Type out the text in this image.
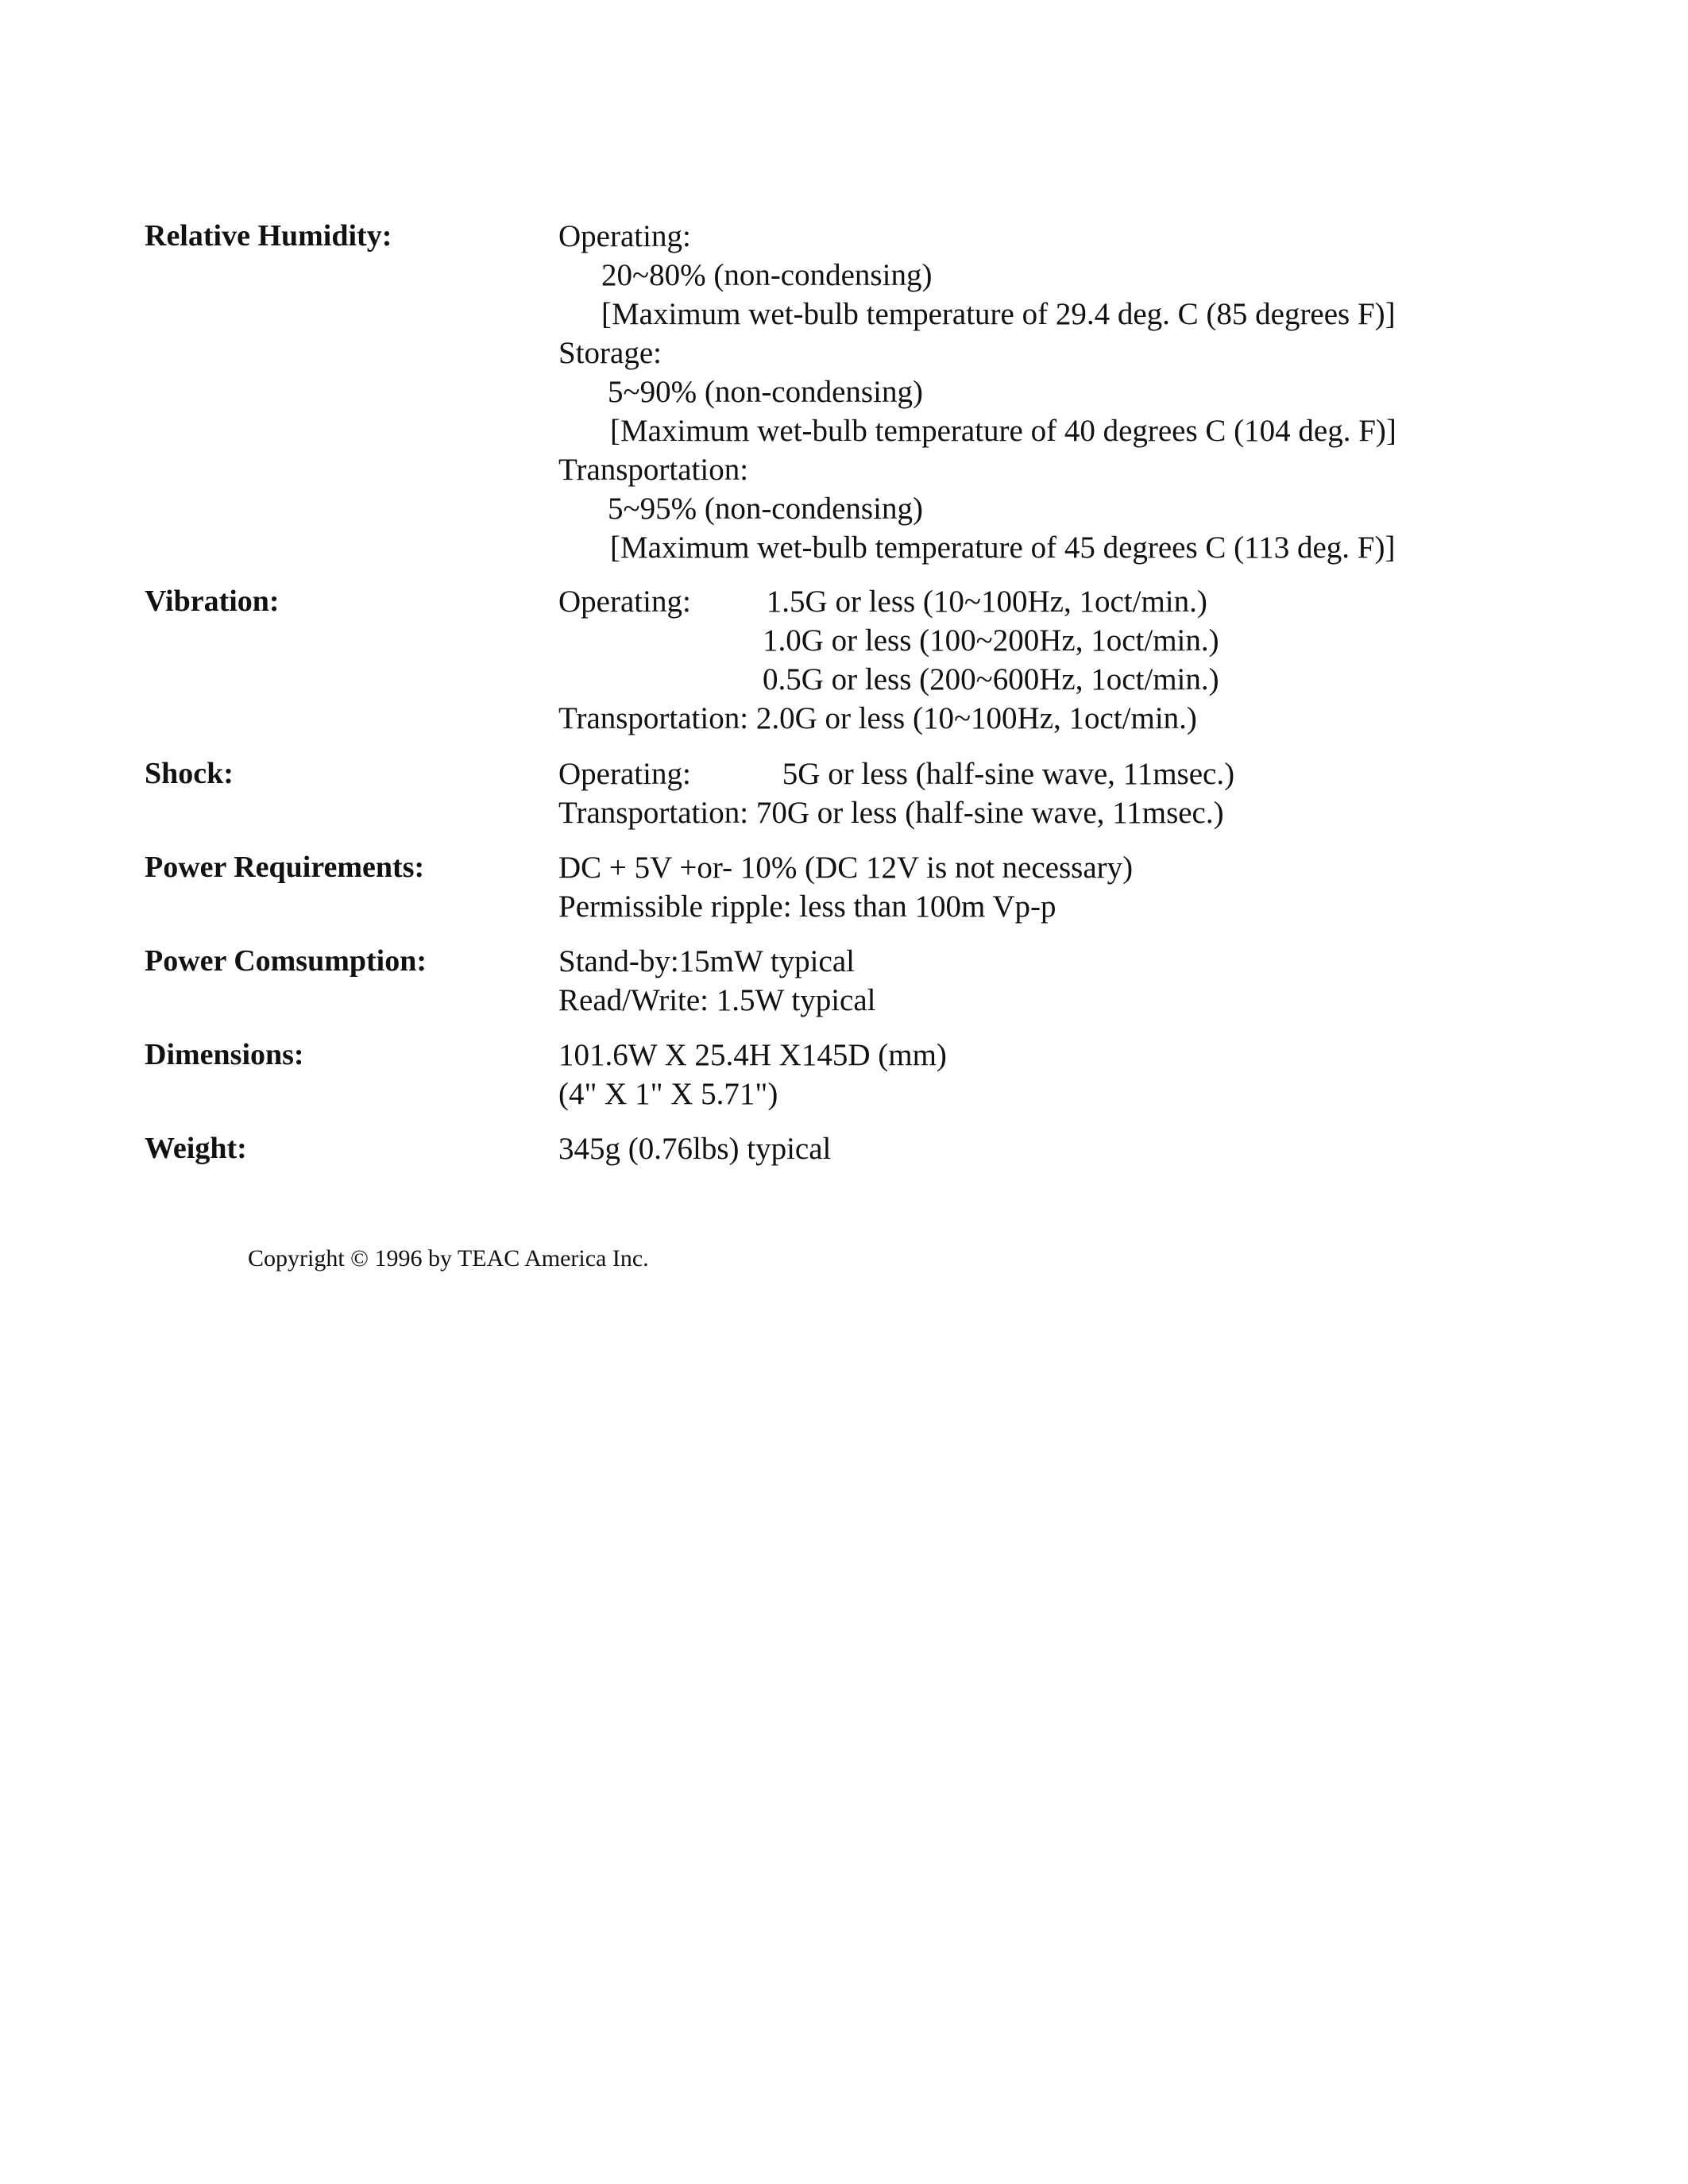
Relative Humidity:	Operating:
20~80% (non-condensing)
[Maximum wet-bulb temperature of 29.4 deg. C (85 degrees F)]
Storage:
5~90% (non-condensing)
[Maximum wet-bulb temperature of 40 degrees C (104 deg. F)]
Transportation:
5~95% (non-condensing)
[Maximum wet-bulb temperature of 45 degrees C (113 deg. F)]
Vibration:	Operating: 1.5G or less (10~100Hz, 1oct/min.)
1.0G or less (100~200Hz, 1oct/min.)
0.5G or less (200~600Hz, 1oct/min.)
Transportation: 2.0G or less (10~100Hz, 1oct/min.)
Shock:	Operating:	5G or less (half-sine wave, 11msec.)
Transportation: 70G or less (half-sine wave, 11msec.)
Power Requirements:	DC + 5V +or- 10% (DC 12V is not necessary)
Permissible ripple: less than 100m Vp-p
Power Comsumption:	Stand-by:15mW typical
Read/Write: 1.5W typical
Dimensions:	101.6W X 25.4H X145D (mm)
(4" X 1" X 5.71")
Weight:	345g (0.76lbs) typical
Copyright © 1996 by TEAC America Inc.
